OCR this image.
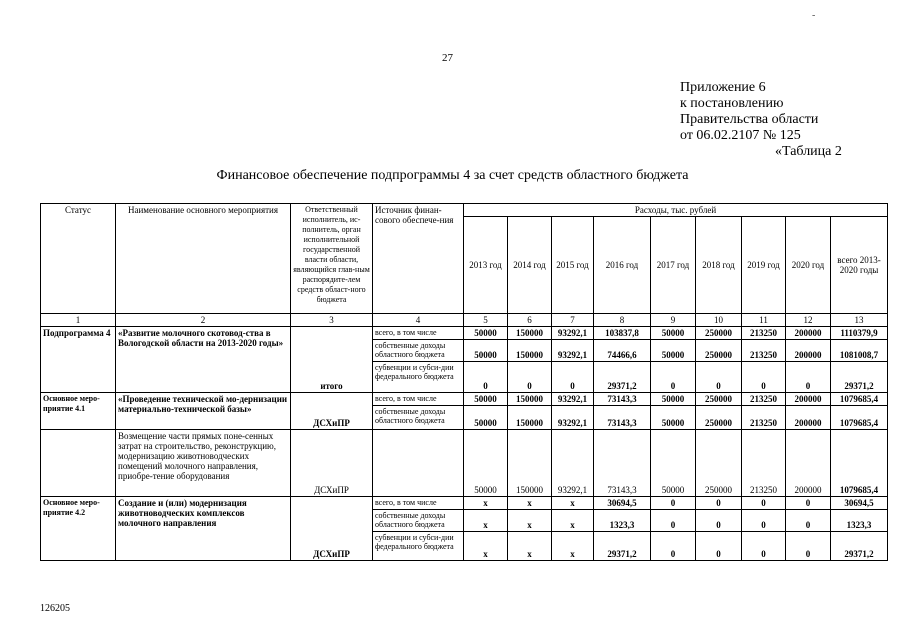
-
27
Приложение 6
к постановлению
Правительства области
от 06.02.2107 № 125
«Таблица 2
Финансовое обеспечение подпрограммы 4 за счет средств областного бюджета
Статус	Наименование основного мероприятия	Ответственный исполнитель, ис-полнитель, орган исполнительной государственной власти области, являющийся глав-ным распорядите-лем средств област-ного бюджета	Источник финан-сового обеспече-ния	Расходы, тыс. рублей								
				2013 год	2014 год	2015 год	2016 год	2017 год	2018 год	2019 год	2020 год	всего 2013-2020 годы
1	2	3	4	5	6	7	8	9	10	11	12	13
Подпрограмма 4	«Развитие молочного скотовод-ства в Вологодской области на 2013-2020 годы»	итого	всего, в том числе	50000	150000	93292,1	103837,8	50000	250000	213250	200000	1110379,9
			собственные доходы областного бюджета	50000	150000	93292,1	74466,6	50000	250000	213250	200000	1081008,7
			субвенции и субси-дии федерального бюджета	0	0	0	29371,2	0	0	0	0	29371,2
Основное меро-приятие 4.1	«Проведение технической мо-дернизации материально-технической базы»	ДСХиПР	всего, в том числе	50000	150000	93292,1	73143,3	50000	250000	213250	200000	1079685,4
			собственные доходы областного бюджета	50000	150000	93292,1	73143,3	50000	250000	213250	200000	1079685,4
	Возмещение части прямых поне-сенных затрат на строительство, реконструкцию, модернизацию животноводческих помещений молочного направления, приобре-тение оборудования	ДСХиПР		50000	150000	93292,1	73143,3	50000	250000	213250	200000	1079685,4
Основное меро-приятие 4.2	Создание и (или) модернизация животноводческих комплексов молочного направления	ДСХиПР	всего, в том числе	x	x	x	30694,5	0	0	0	0	30694,5
			собственные доходы областного бюджета	x	x	x	1323,3	0	0	0	0	1323,3
			субвенции и субси-дии федерального бюджета	x	x	x	29371,2	0	0	0	0	29371,2
126205
